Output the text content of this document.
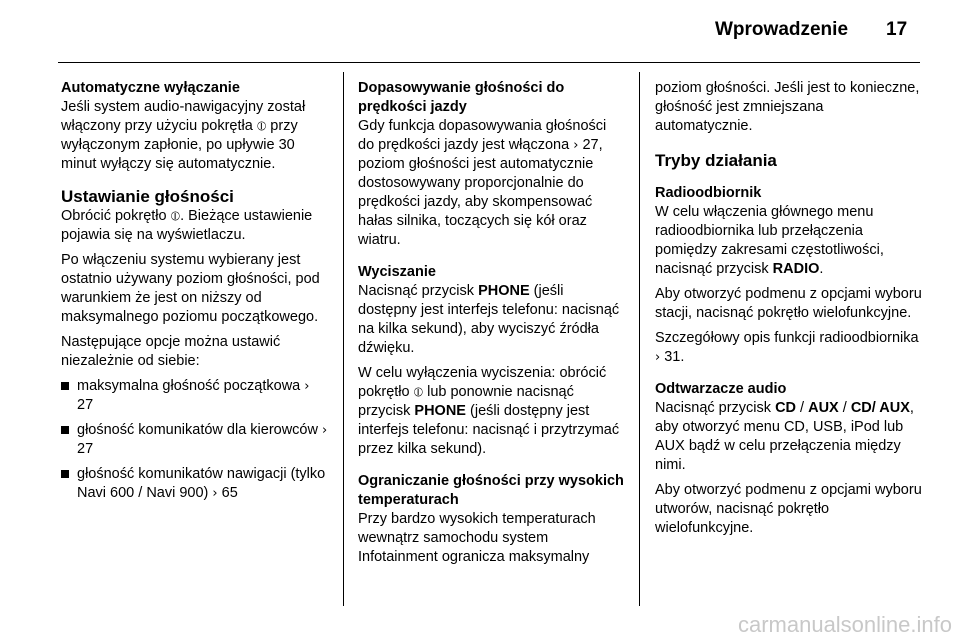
Wprowadzenie 17
Automatyczne wyłączanie

Jeśli system audio-nawigacyjny został włączony przy użyciu pokrętła ⦶ przy wyłączonym zapłonie, po upływie 30 minut wyłączy się automatycznie.

Ustawianie głośności

Obrócić pokrętło ⦶. Bieżące ustawienie pojawia się na wyświetlaczu.

Po włączeniu systemu wybierany jest ostatnio używany poziom głośności, pod warunkiem że jest on niższy od maksymalnego poziomu początkowego.

Następujące opcje można ustawić niezależnie od siebie:

maksymalna głośność początkowa › 27
głośność komunikatów dla kierowców › 27
głośność komunikatów nawigacji (tylko Navi 600 / Navi 900) › 65
Dopasowywanie głośności do prędkości jazdy

Gdy funkcja dopasowywania głośności do prędkości jazdy jest włączona › 27, poziom głośności jest automatycznie dostosowywany proporcjonalnie do prędkości jazdy, aby skompensować hałas silnika, toczących się kół oraz wiatru.

Wyciszanie

Nacisnąć przycisk PHONE (jeśli dostępny jest interfejs telefonu: nacisnąć na kilka sekund), aby wyciszyć źródła dźwięku.

W celu wyłączenia wyciszenia: obrócić pokrętło ⦶ lub ponownie nacisnąć przycisk PHONE (jeśli dostępny jest interfejs telefonu: nacisnąć i przytrzymać przez kilka sekund).

Ograniczanie głośności przy wysokich temperaturach

Przy bardzo wysokich temperaturach wewnątrz samochodu system Infotainment ogranicza maksymalny

poziom głośności. Jeśli jest to konieczne, głośność jest zmniejszana automatycznie.

Tryby działania
Radioodbiornik

W celu włączenia głównego menu radioodbiornika lub przełączenia pomiędzy zakresami częstotliwości, nacisnąć przycisk RADIO.

Aby otworzyć podmenu z opcjami wyboru stacji, nacisnąć pokrętło wielofunkcyjne.

Szczegółowy opis funkcji radioodbiornika › 31.

Odtwarzacze audio

Nacisnąć przycisk CD / AUX / CD/ AUX, aby otworzyć menu CD, USB, iPod lub AUX bądź w celu przełączenia między nimi.

Aby otworzyć podmenu z opcjami wyboru utworów, nacisnąć pokrętło wielofunkcyjne.

carmanualsonline.info
